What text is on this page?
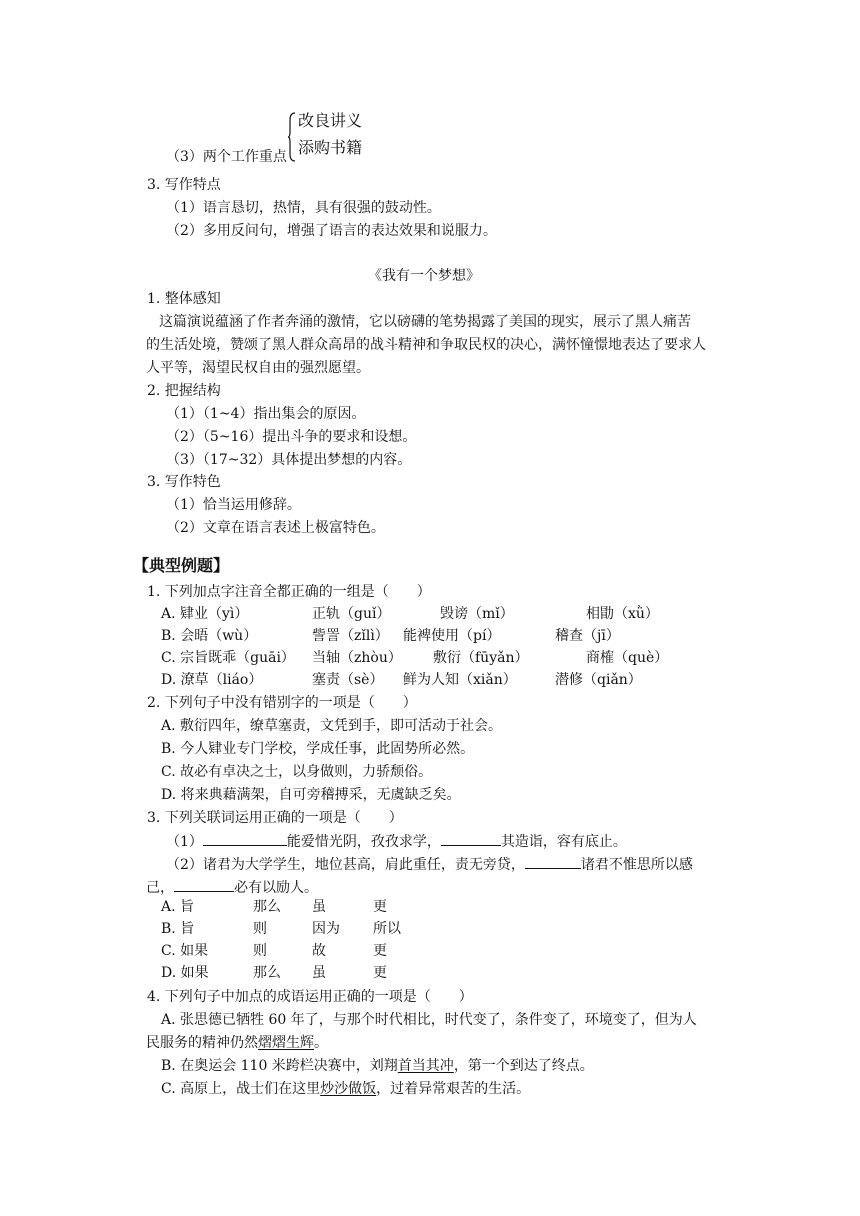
改良讲义
添购书籍
（3）两个工作重点
3. 写作特点
（1）语言恳切，热情，具有很强的鼓动性。
（2）多用反问句，增强了语言的表达效果和说服力。
《我有一个梦想》
1. 整体感知
这篇演说蕴涵了作者奔涌的激情，它以磅礴的笔势揭露了美国的现实，展示了黑人痛苦
的生活处境，赞颂了黑人群众高昂的战斗精神和争取民权的决心，满怀憧憬地表达了要求人
人平等，渴望民权自由的强烈愿望。
2. 把握结构
（1）（1~4）指出集会的原因。
（2）（5~16）提出斗争的要求和设想。
（3）（17~32）具体提出梦想的内容。
3. 写作特色
（1）恰当运用修辞。
（2）文章在语言表述上极富特色。
【典型例题】
1. 下列加点字注音全都正确的一组是（　　）
A. 肄业（yì）	正轨（guǐ）	毁谤（mǐ）	相勖（xǜ）
B. 会晤（wù）	訾詈（zǐlì） 能裨使用（pí）	稽查（jī）
C. 宗旨既乖（guāi） 当轴（zhòu） 敷衍（fūyǎn）	商榷（què）
D. 潦草（liáo）	塞责（sè） 鲜为人知（xiǎn）	潜修（qiǎn）
2. 下列句子中没有错别字的一项是（　　）
A. 敷衍四年，缭草塞责，文凭到手，即可活动于社会。
B. 今人肄业专门学校，学成任事，此固势所必然。
C. 故必有卓决之士，以身做则，力骄颓俗。
D. 将来典藉满架，自可旁稽搏采，无虞缺乏矣。
3. 下列关联词运用正确的一项是（　　）
（1）	能爱惜光阴，孜孜求学，	其造诣，容有底止。
（2）诸君为大学学生，地位甚高，肩此重任，责无旁贷，	诸君不惟思所以感
己，	必有以励人。
A. 旨	那么 虽	更
B. 旨	则	因为 所以
C. 如果	则	故	更
D. 如果	那么 虽	更
4. 下列句子中加点的成语运用正确的一项是（　　）
A. 张思德已牺牲 60 年了，与那个时代相比，时代变了，条件变了，环境变了，但为人
民服务的精神仍然熠熠生辉。
B. 在奥运会 110 米跨栏决赛中，刘翔首当其冲，第一个到达了终点。
C. 高原上，战士们在这里炒沙做饭，过着异常艰苦的生活。
